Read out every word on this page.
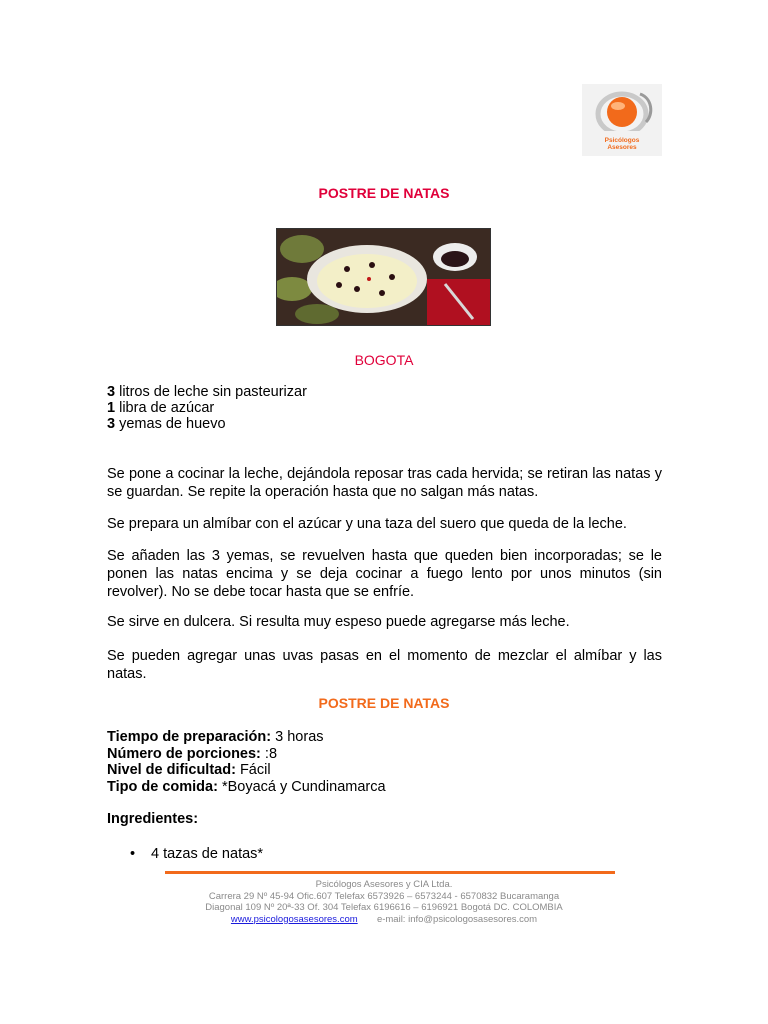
Psicólogos
Asesores
POSTRE DE NATAS
BOGOTA
3 litros de leche sin pasteurizar
1 libra de azúcar
3 yemas de huevo
Se pone a cocinar la leche, dejándola reposar tras cada hervida; se retiran las natas y se guardan. Se repite la operación hasta que no salgan más natas.
Se prepara un almíbar con el azúcar y una taza del suero que queda de la leche.
Se añaden las 3 yemas, se revuelven hasta que queden bien incorporadas; se le ponen las natas encima y se deja cocinar a fuego lento por unos minutos (sin revolver). No se debe tocar hasta que se enfríe.
Se sirve en dulcera. Si resulta muy espeso puede agregarse más leche.
Se pueden agregar unas uvas pasas en el momento de mezclar el almíbar y las natas.
POSTRE DE NATAS
Tiempo de preparación: 3 horas
Número de porciones: :8
Nivel de dificultad: Fácil
Tipo de comida: *Boyacá y Cundinamarca
Ingredientes:
• 4 tazas de natas*
Psicólogos Asesores y CIA Ltda.
Carrera 29 Nº 45-94 Ofic.607 Telefax 6573926 – 6573244 - 6570832 Bucaramanga
Diagonal 109 Nº 20ª-33 Of. 304 Telefax 6196616 – 6196921 Bogotá DC. COLOMBIA
www.psicologosasesores.com e-mail: info@psicologosasesores.com
